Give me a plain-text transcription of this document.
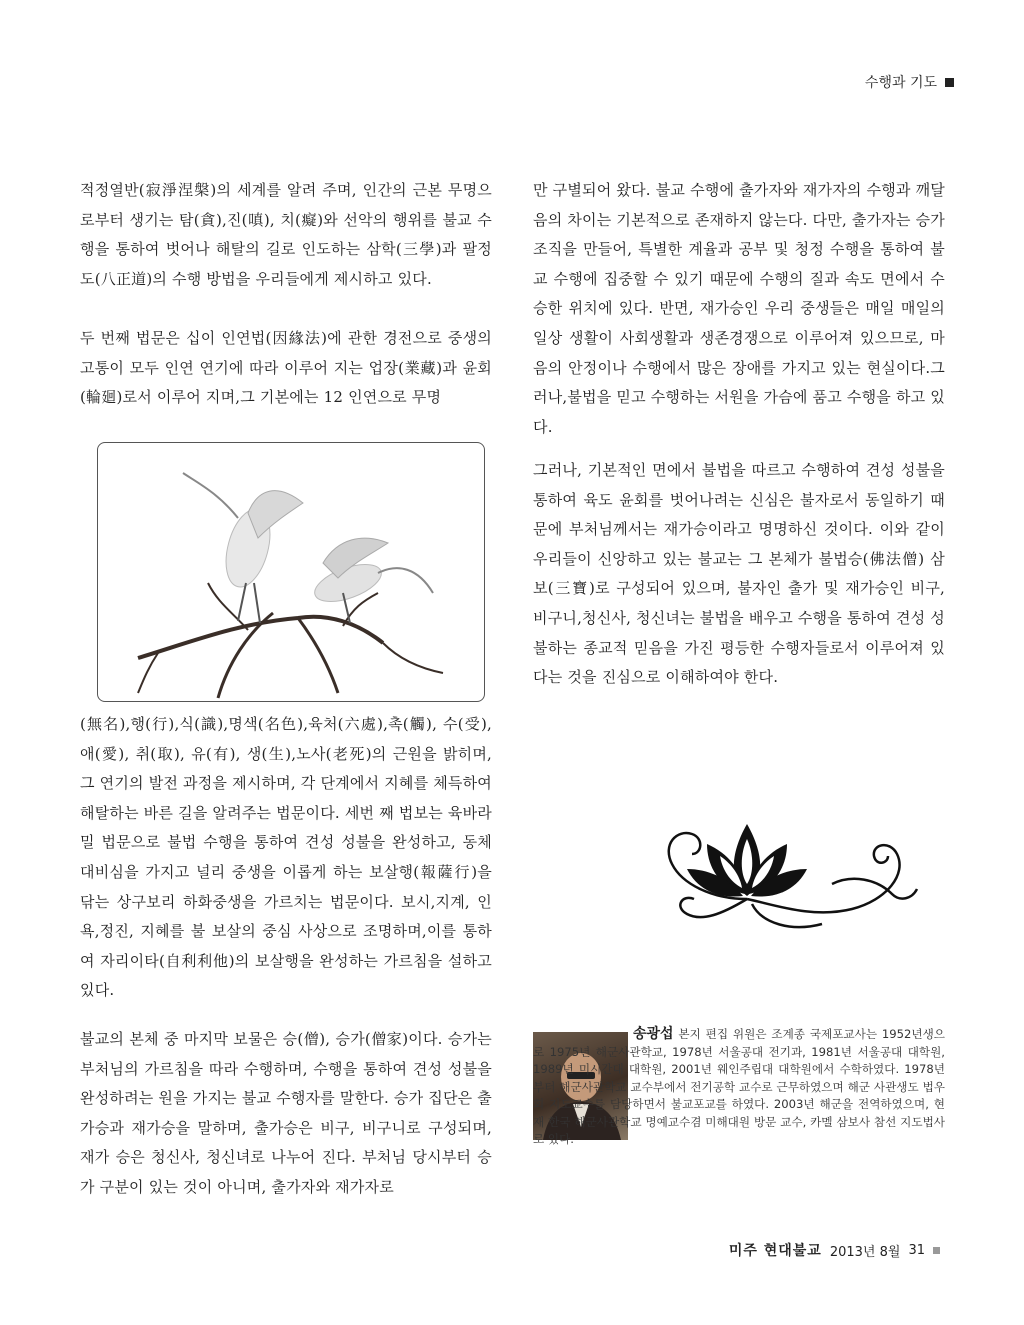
수행과 기도

적정열반(寂淨涅槃)의 세계를 알려 주며, 인간의 근본 무명으로부터 생기는 탐(貪),진(嗔), 치(癡)와 선악의 행위를 불교 수행을 통하여 벗어나 해탈의 길로 인도하는 삼학(三學)과 팔정도(八正道)의 수행 방법을 우리들에게 제시하고 있다.

두 번째 법문은 십이 인연법(因緣法)에 관한 경전으로 중생의 고통이 모두 인연 연기에 따라 이루어 지는 업장(業藏)과 윤회(輪廻)로서 이루어 지며,그 기본에는 12 인연으로 무명

(無名),행(行),식(識),명색(名色),육처(六處),촉(觸), 수(受), 애(愛), 취(取), 유(有), 생(生),노사(老死)의 근원을 밝히며, 그 연기의 발전 과정을 제시하며, 각 단계에서 지혜를 체득하여 해탈하는 바른 길을 알려주는 법문이다. 세번 째 법보는 육바라밀 법문으로 불법 수행을 통하여 견성 성불을 완성하고, 동체 대비심을 가지고 널리 중생을 이롭게 하는 보살행(報薩行)을 닦는 상구보리 하화중생을 가르치는 법문이다. 보시,지계, 인욕,정진, 지혜를 불 보살의 중심 사상으로 조명하며,이를 통하여 자리이타(自利利他)의 보살행을 완성하는 가르침을 설하고 있다.

불교의 본체 중 마지막 보물은 승(僧), 승가(僧家)이다. 승가는 부처님의 가르침을 따라 수행하며, 수행을 통하여 견성 성불을 완성하려는 원을 가지는 불교 수행자를 말한다. 승가 집단은 출가승과 재가승을 말하며, 출가승은 비구, 비구니로 구성되며, 재가 승은 청신사, 청신녀로 나누어 진다. 부처님 당시부터 승가 구분이 있는 것이 아니며, 출가자와 재가자로

만 구별되어 왔다. 불교 수행에 출가자와 재가자의 수행과 깨달음의 차이는 기본적으로 존재하지 않는다. 다만, 출가자는 승가 조직을 만들어, 특별한 계율과 공부 및 청정 수행을 통하여 불교 수행에 집중할 수 있기 때문에 수행의 질과 속도 면에서 수승한 위치에 있다. 반면, 재가승인 우리 중생들은 매일 매일의 일상 생활이 사회생활과 생존경쟁으로 이루어져 있으므로, 마음의 안정이나 수행에서 많은 장애를 가지고 있는 현실이다.그러나,불법을 믿고 수행하는 서원을 가슴에 품고 수행을 하고 있다.

그러나, 기본적인 면에서 불법을 따르고 수행하여 견성 성불을 통하여 육도 윤회를 벗어나려는 신심은 불자로서 동일하기 때문에 부처님께서는 재가승이라고 명명하신 것이다. 이와 같이 우리들이 신앙하고 있는 불교는 그 본체가 불법승(佛法僧) 삼보(三寶)로 구성되어 있으며, 불자인 출가 및 재가승인 비구, 비구니,청신사, 청신녀는 불법을 배우고 수행을 통하여 견성 성불하는 종교적 믿음을 가진 평등한 수행자들로서 이루어져 있다는 것을 진심으로 이해하여야 한다.

송광섭 본지 편집 위원은 조계종 국제포교사는 1952년생으로 1975년 해군사관학교, 1978년 서울공대 전기과, 1981년 서울공대 대학원, 1989년 미시간대 대학원, 2001년 웨인주립대 대학원에서 수학하였다. 1978년부터 해군사관학교 교수부에서 전기공학 교수로 근무하였으며 해군 사관생도 법우회 지도교수를 담당하면서 불교포교를 하였다. 2003년 해군을 전역하였으며, 현재 한국 해군사관학교 명예교수겸 미해대원 방문 교수, 카멜 삼보사 참선 지도법사로 있다.
미주 현대불교 2013년 8월 31
